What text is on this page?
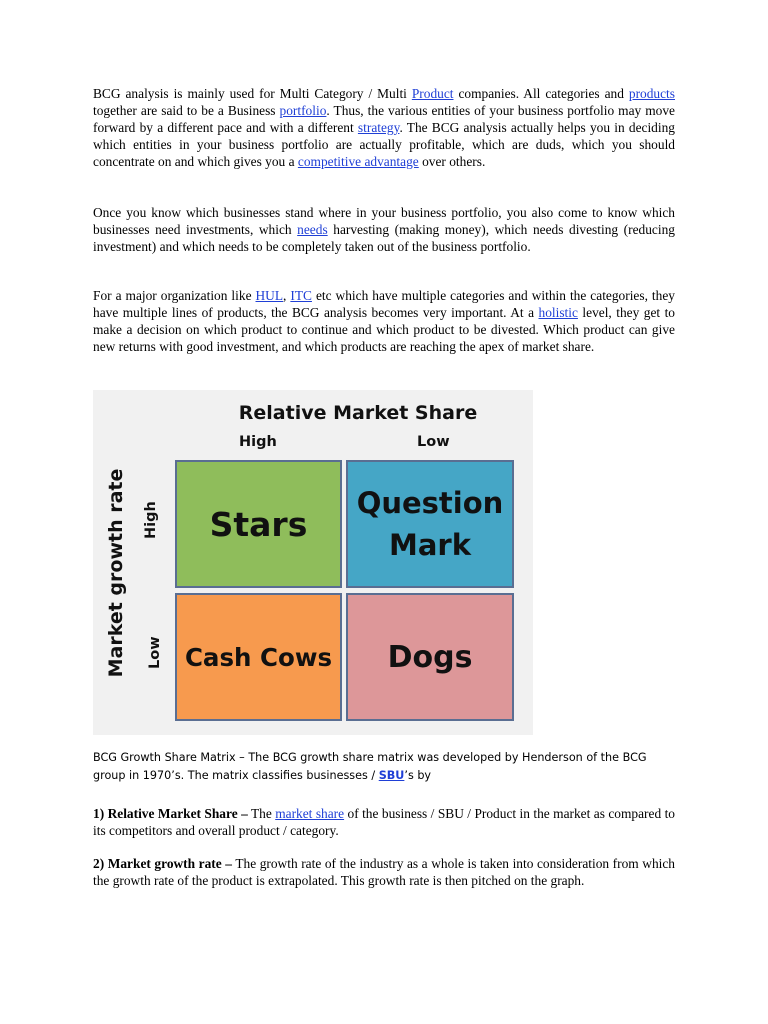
BCG analysis is mainly used for Multi Category / Multi Product companies. All categories and products together are said to be a Business portfolio. Thus, the various entities of your business portfolio may move forward by a different pace and with a different strategy. The BCG analysis actually helps you in deciding which entities in your business portfolio are actually profitable, which are duds, which you should concentrate on and which gives you a competitive advantage over others.

Once you know which businesses stand where in your business portfolio, you also come to know which businesses need investments, which needs harvesting (making money), which needs divesting (reducing investment) and which needs to be completely taken out of the business portfolio.

For a major organization like HUL, ITC etc which have multiple categories and within the categories, they have multiple lines of products, the BCG analysis becomes very important. At a holistic level, they get to make a decision on which product to continue and which product to be divested. Which product can give new returns with good investment, and which products are reaching the apex of market share.

Relative Market Share
High	Low
Market growth rate High
Low
Stars
Question
Mark
Cash Cows	Dogs
BCG Growth Share Matrix – The BCG growth share matrix was developed by Henderson of the BCG group in 1970’s. The matrix classifies businesses / SBU’s by

1) Relative Market Share – The market share of the business / SBU / Product in the market as compared to its competitors and overall product / category.

2) Market growth rate – The growth rate of the industry as a whole is taken into consideration from which the growth rate of the product is extrapolated. This growth rate is then pitched on the graph.
